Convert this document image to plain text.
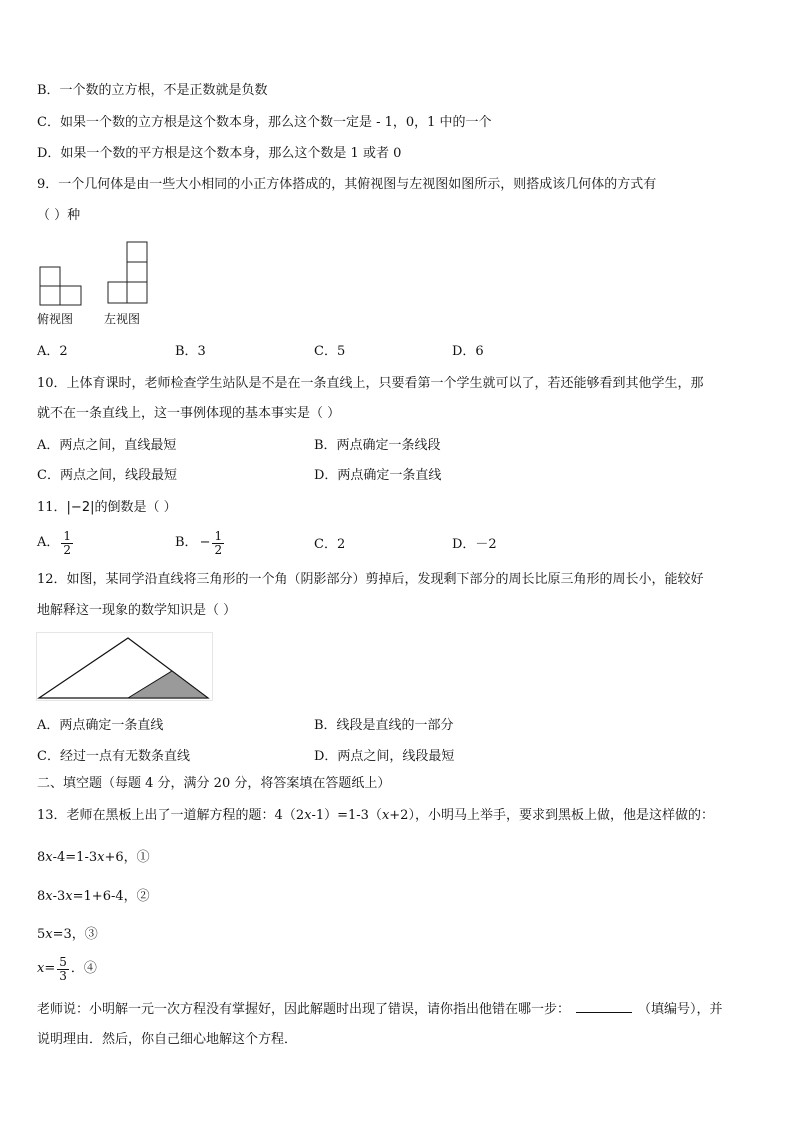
B．一个数的立方根，不是正数就是负数
C．如果一个数的立方根是这个数本身，那么这个数一定是 - 1，0，1 中的一个
D．如果一个数的平方根是这个数本身，那么这个数是 1 或者 0
9．一个几何体是由一些大小相同的小正方体搭成的，其俯视图与左视图如图所示，则搭成该几何体的方式有
（ ）种
俯视图	左视图
A．2	B．3	C．5	D．6
10．上体育课时，老师检查学生站队是不是在一条直线上，只要看第一个学生就可以了，若还能够看到其他学生，那
就不在一条直线上，这一事例体现的基本事实是（ ）
A．两点之间，直线最短	B．两点确定一条线段
C．两点之间，线段最短	D．两点确定一条直线
11．|−2|的倒数是（ ）
A． $\frac{1}{2}$	B． − $\frac{1}{2}$	C．2	D．－2
12．如图，某同学沿直线将三角形的一个角（阴影部分）剪掉后，发现剩下部分的周长比原三角形的周长小，能较好
地解释这一现象的数学知识是（ ）
A．两点确定一条直线	B．线段是直线的一部分
C．经过一点有无数条直线	D．两点之间，线段最短
二、填空题（每题 4 分，满分 20 分，将答案填在答题纸上）
13．老师在黑板上出了一道解方程的题：4（2x-1）=1-3（x+2），小明马上举手，要求到黑板上做，他是这样做的：
8x-4=1-3x+6，①
8x-3x=1+6-4，②
5x=3，③
$x = \frac{5}{3}$ ．④
老师说：小明解一元一次方程没有掌握好，因此解题时出现了错误，请你指出他错在哪一步：	（填编号），并
说明理由．然后，你自己细心地解这个方程．
